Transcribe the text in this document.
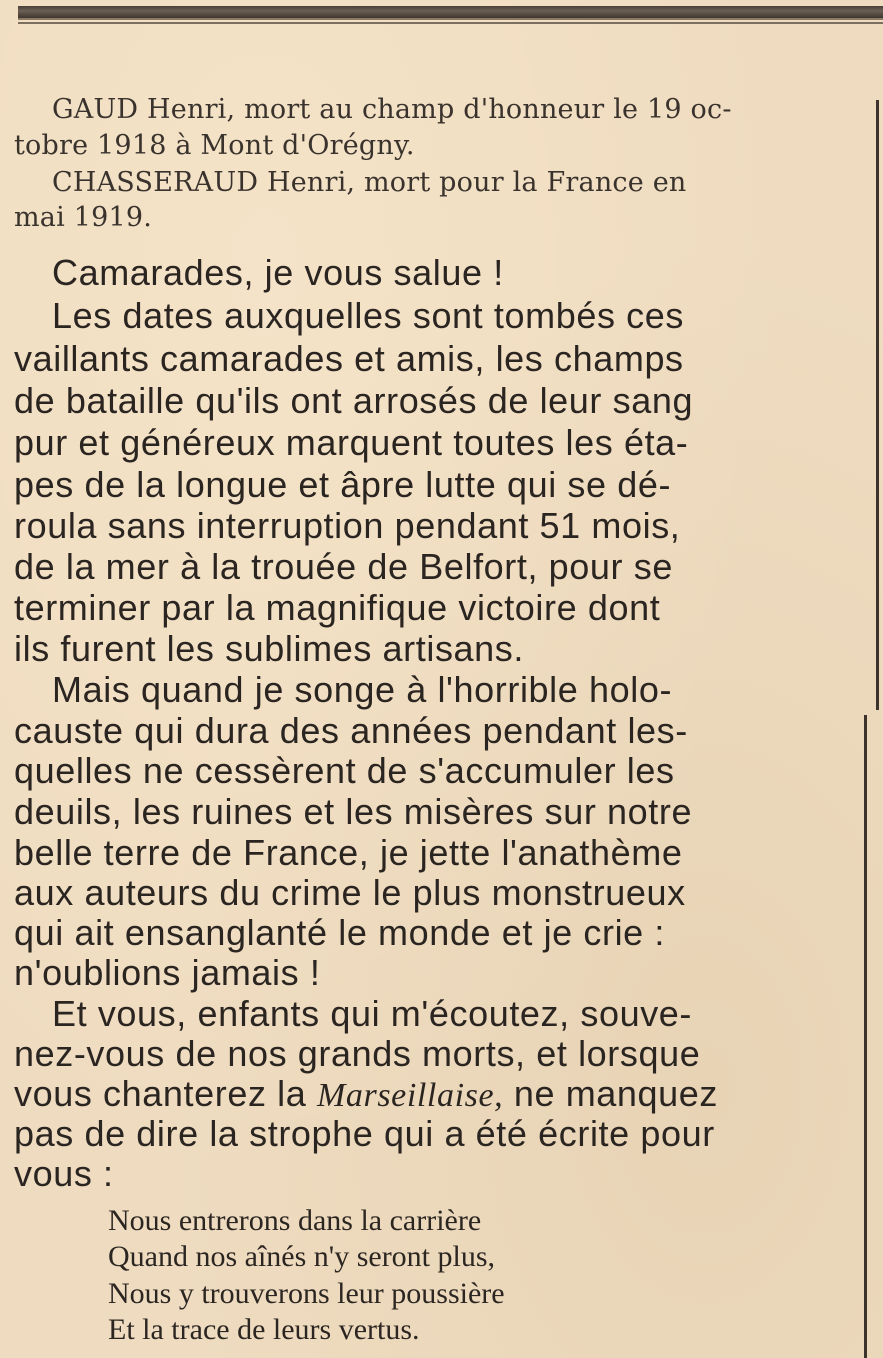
GAUD Henri, mort au champ d'honneur le 19 oc-
tobre 1918 à Mont d'Orégny.
CHASSERAUD Henri, mort pour la France en
mai 1919.
Camarades, je vous salue !
Les dates auxquelles sont tombés ces
vaillants camarades et amis, les champs
de bataille qu'ils ont arrosés de leur sang
pur et généreux marquent toutes les éta-
pes de la longue et âpre lutte qui se dé-
roula sans interruption pendant 51 mois,
de la mer à la trouée de Belfort, pour se
terminer par la magnifique victoire dont
ils furent les sublimes artisans.
Mais quand je songe à l'horrible holo-
causte qui dura des années pendant les-
quelles ne cessèrent de s'accumuler les
deuils, les ruines et les misères sur notre
belle terre de France, je jette l'anathème
aux auteurs du crime le plus monstrueux
qui ait ensanglanté le monde et je crie :
n'oublions jamais !
Et vous, enfants qui m'écoutez, souve-
nez-vous de nos grands morts, et lorsque
vous chanterez la Marseillaise, ne manquez
pas de dire la strophe qui a été écrite pour
vous :
Nous entrerons dans la carrière
Quand nos aînés n'y seront plus,
Nous y trouverons leur poussière
Et la trace de leurs vertus.
